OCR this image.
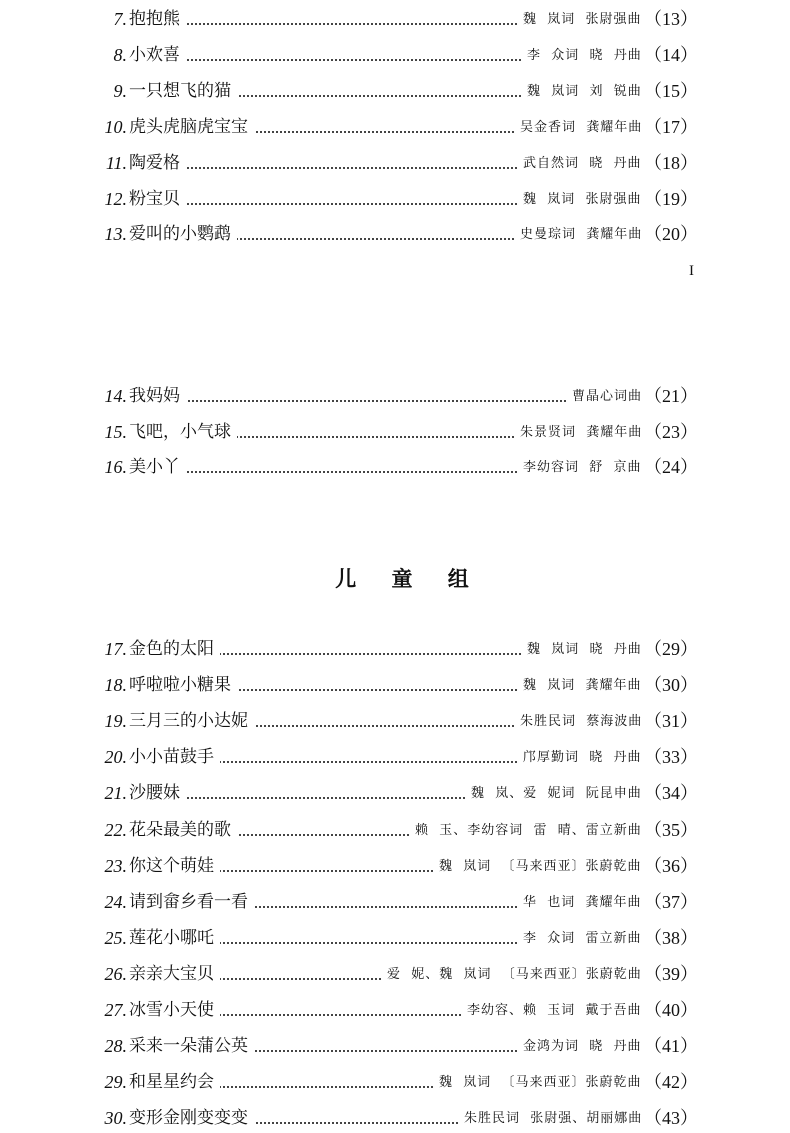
7. 抱抱熊	魏  岚词  张尉强曲 （13）
8. 小欢喜	李  众词  晓  丹曲 （14）
9. 一只想飞的猫	魏  岚词  刘  锐曲 （15）
10. 虎头虎脑虎宝宝	吴金香词  龚耀年曲 （17）
11. 陶爱格	武自然词  晓  丹曲 （18）
12. 粉宝贝	魏  岚词  张尉强曲 （19）
13. 爱叫的小鹦鹉	史曼琮词  龚耀年曲 （20）
14. 我妈妈	曹晶心词曲 （21）
15. 飞吧，小气球	朱景贤词  龚耀年曲 （23）
16. 美小丫	李幼容词  舒  京曲 （24）
17. 金色的太阳	魏  岚词  晓  丹曲 （29）
18. 呼啦啦小糖果	魏  岚词  龚耀年曲 （30）
19. 三月三的小达妮	朱胜民词  蔡海波曲 （31）
20. 小小苗鼓手	邝厚勤词  晓  丹曲 （33）
21. 沙腰妹	魏  岚、爱  妮词  阮昆申曲 （34）
22. 花朵最美的歌	赖  玉、李幼容词  雷  晴、雷立新曲 （35）
23. 你这个萌娃	魏  岚词  〔马来西亚〕张蔚乾曲 （36）
24. 请到畲乡看一看	华  也词  龚耀年曲 （37）
25. 莲花小哪吒	李  众词  雷立新曲 （38）
26. 亲亲大宝贝	爱  妮、魏  岚词  〔马来西亚〕张蔚乾曲 （39）
27. 冰雪小天使	李幼容、赖  玉词  戴于吾曲 （40）
28. 采来一朵蒲公英	金鸿为词  晓  丹曲 （41）
29. 和星星约会	魏  岚词  〔马来西亚〕张蔚乾曲 （42）
30. 变形金刚变变变	朱胜民词  张尉强、胡丽娜曲 （43）
I
儿 童 组
